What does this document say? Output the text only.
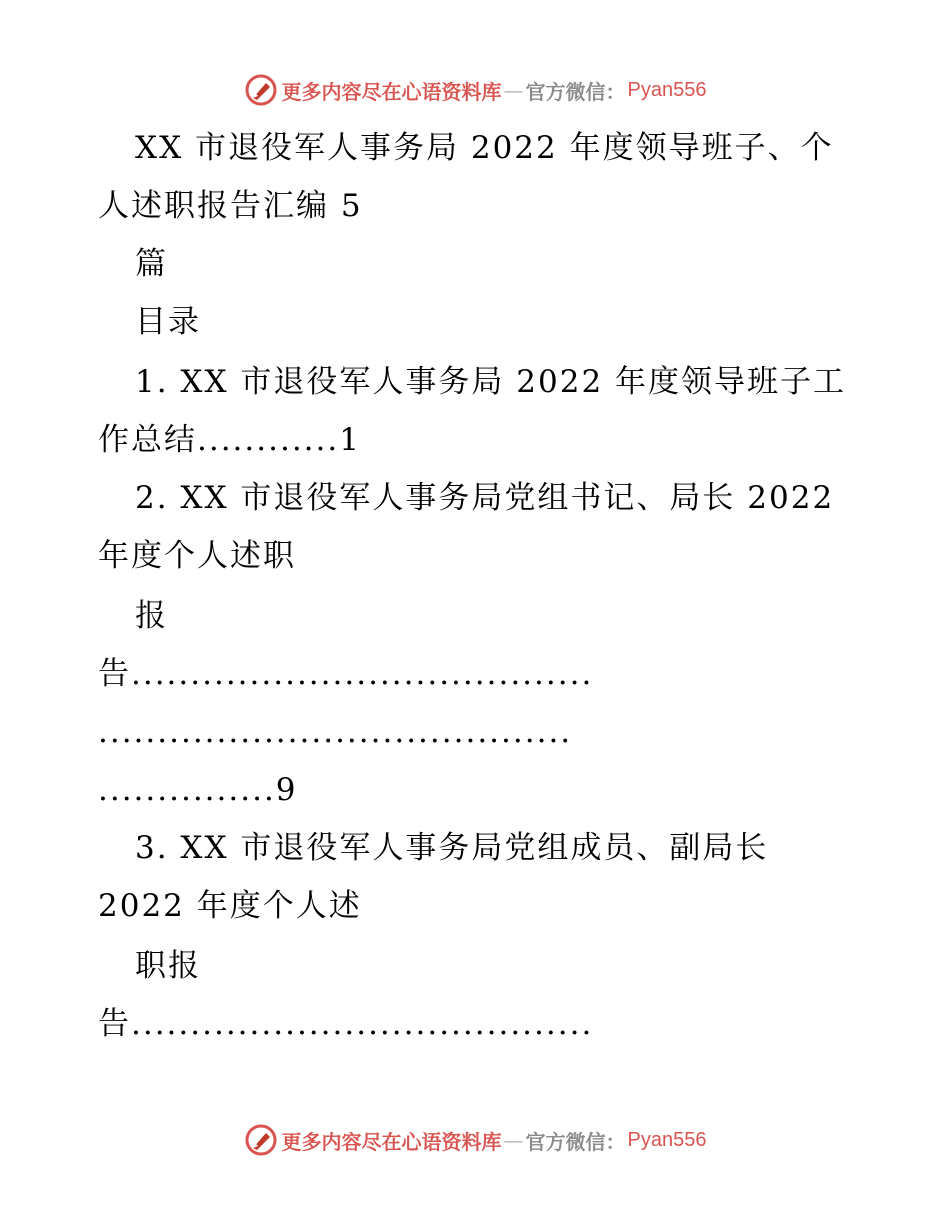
更多内容尽在心语资料库 — 官方微信： Pyan556
XX 市退役军人事务局 2022 年度领导班子、个
人述职报告汇编 5
篇
目录
1. XX 市退役军人事务局 2022 年度领导班子工
作总结............1
2. XX 市退役军人事务局党组书记、局长 2022
年度个人述职
报
告.......................................
........................................
...............9
3. XX 市退役军人事务局党组成员、副局长
2022 年度个人述
职报
告.......................................
更多内容尽在心语资料库 — 官方微信： Pyan556
